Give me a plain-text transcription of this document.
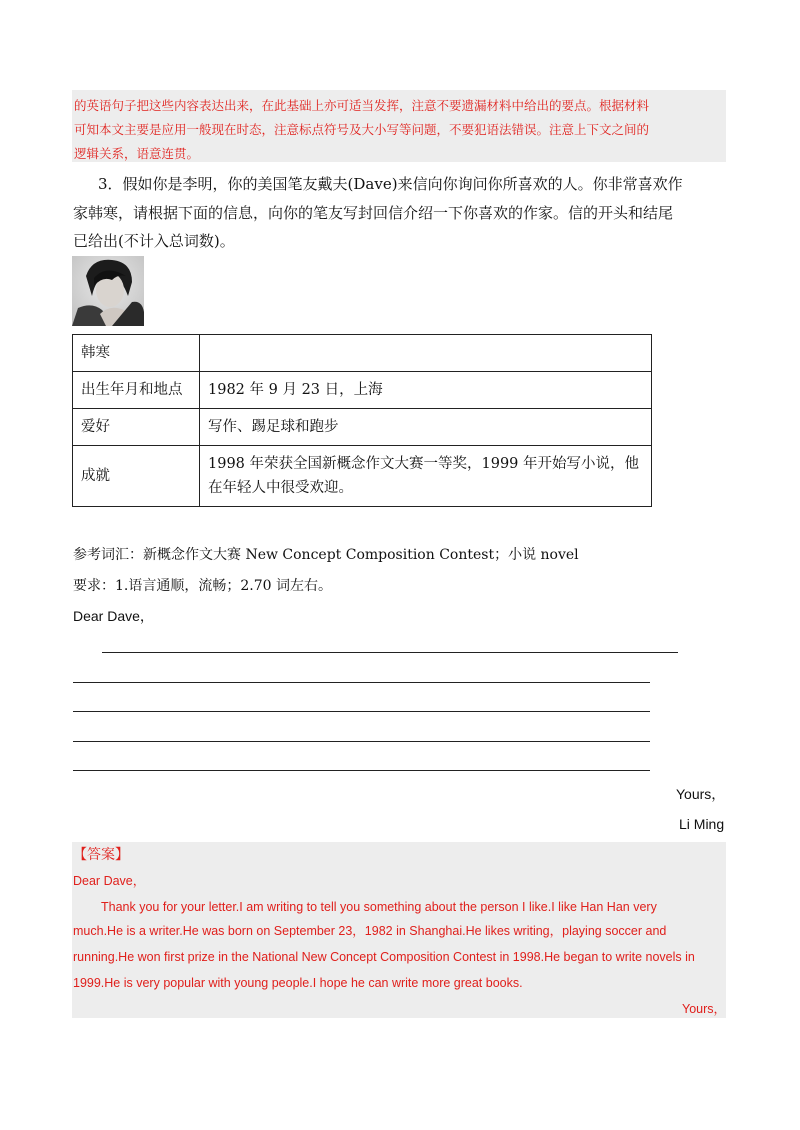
的英语句子把这些内容表达出来，在此基础上亦可适当发挥，注意不要遗漏材料中给出的要点。根据材料
可知本文主要是应用一般现在时态，注意标点符号及大小写等问题，不要犯语法错误。注意上下文之间的
逻辑关系，语意连贯。
3．假如你是李明，你的美国笔友戴夫(Dave)来信向你询问你所喜欢的人。你非常喜欢作
家韩寒，请根据下面的信息，向你的笔友写封回信介绍一下你喜欢的作家。信的开头和结尾
已给出(不计入总词数)。
韩寒	
出生年月和地点	1982 年 9 月 23 日，上海
爱好	写作、踢足球和跑步
成就	1998 年荣获全国新概念作文大赛一等奖，1999 年开始写小说，他在年轻人中很受欢迎。
参考词汇：新概念作文大赛 New Concept Composition Contest；小说 novel
要求：1.语言通顺，流畅；2.70 词左右。
Dear Dave，
Yours，
Li Ming
【答案】
Dear Dave，
Thank you for your letter.I am writing to tell you something about the person I like.I like Han Han very
much.He is a writer.He was born on September 23，1982 in Shanghai.He likes writing，playing soccer and
running.He won first prize in the National New Concept Composition Contest in 1998.He began to write novels in
1999.He is very popular with young people.I hope he can write more great books.
Yours，
